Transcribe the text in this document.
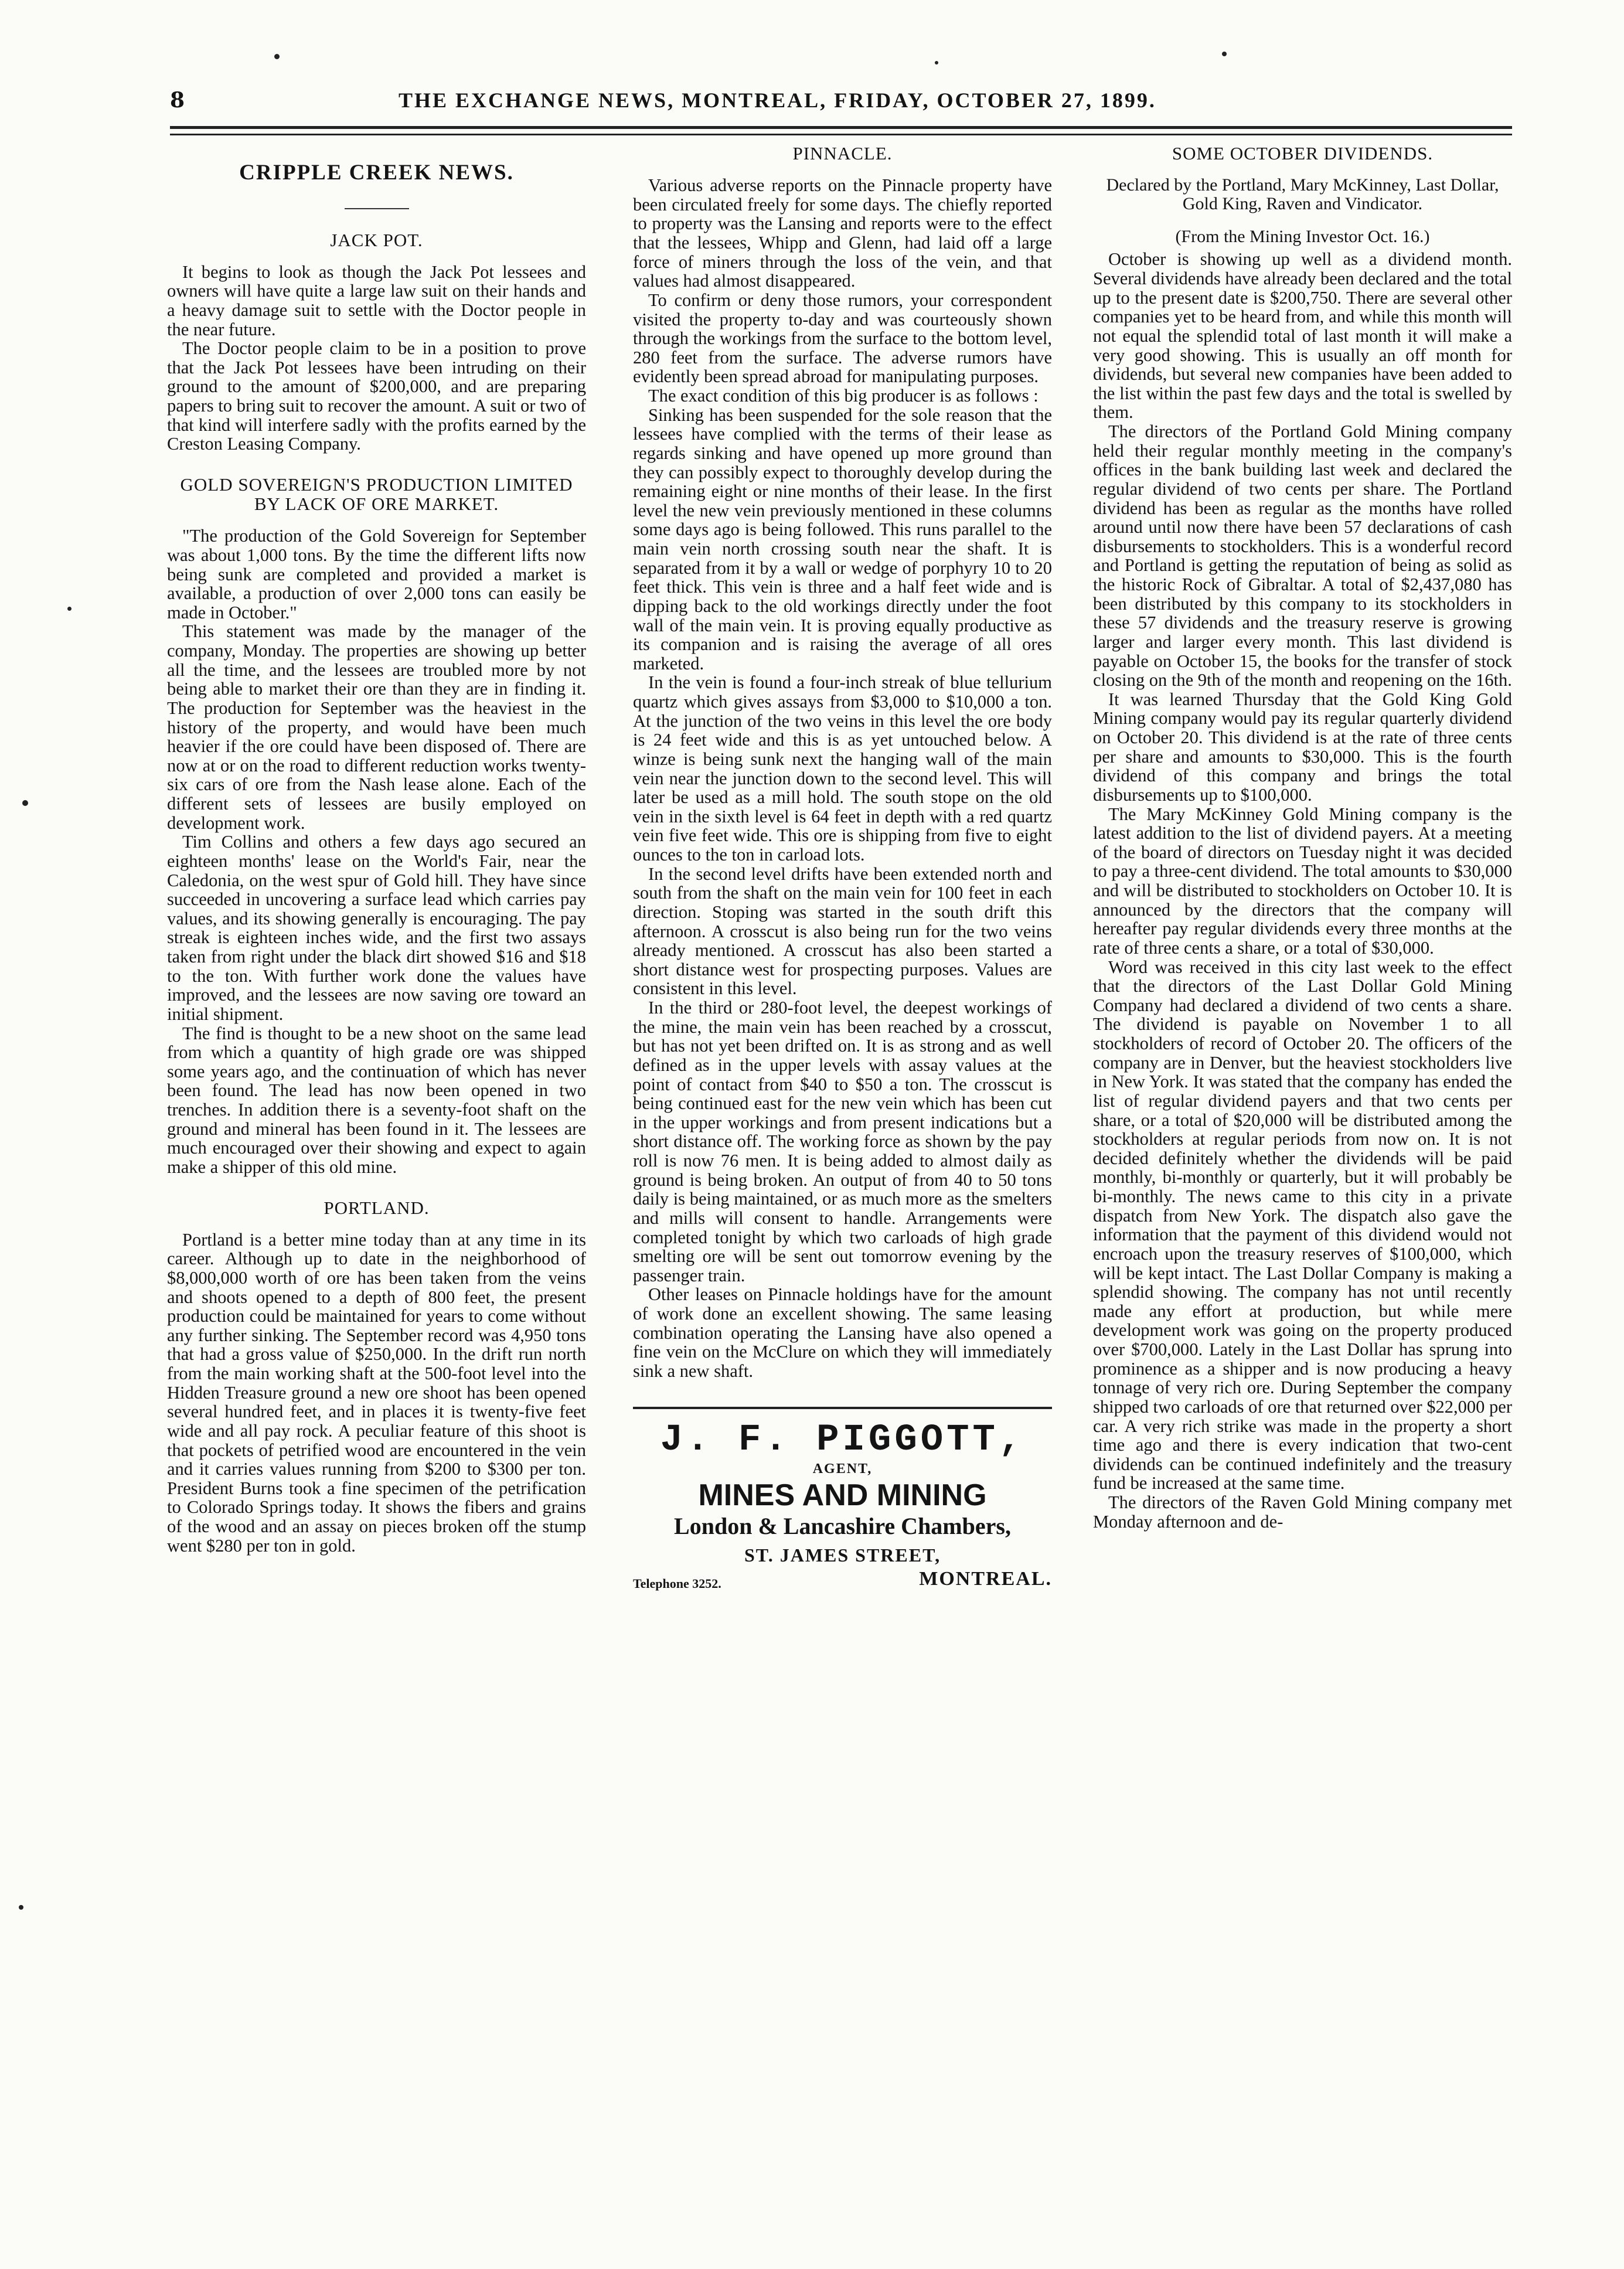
8	THE EXCHANGE NEWS, MONTREAL, FRIDAY, OCTOBER 27, 1899.
CRIPPLE CREEK NEWS.
JACK POT.

It begins to look as though the Jack Pot lessees and owners will have quite a large law suit on their hands and a heavy damage suit to settle with the Doctor people in the near future.

The Doctor people claim to be in a position to prove that the Jack Pot lessees have been intruding on their ground to the amount of $200,000, and are preparing papers to bring suit to recover the amount. A suit or two of that kind will interfere sadly with the profits earned by the Creston Leasing Company.

GOLD SOVEREIGN'S PRODUCTION LIMITED BY LACK OF ORE MARKET.

"The production of the Gold Sovereign for September was about 1,000 tons. By the time the different lifts now being sunk are completed and provided a market is available, a production of over 2,000 tons can easily be made in October."

This statement was made by the manager of the company, Monday. The properties are showing up better all the time, and the lessees are troubled more by not being able to market their ore than they are in finding it. The production for September was the heaviest in the history of the property, and would have been much heavier if the ore could have been disposed of. There are now at or on the road to different reduction works twenty-six cars of ore from the Nash lease alone. Each of the different sets of lessees are busily employed on development work.

Tim Collins and others a few days ago secured an eighteen months' lease on the World's Fair, near the Caledonia, on the west spur of Gold hill. They have since succeeded in uncovering a surface lead which carries pay values, and its showing generally is encouraging. The pay streak is eighteen inches wide, and the first two assays taken from right under the black dirt showed $16 and $18 to the ton. With further work done the values have improved, and the lessees are now saving ore toward an initial shipment.

The find is thought to be a new shoot on the same lead from which a quantity of high grade ore was shipped some years ago, and the continuation of which has never been found. The lead has now been opened in two trenches. In addition there is a seventy-foot shaft on the ground and mineral has been found in it. The lessees are much encouraged over their showing and expect to again make a shipper of this old mine.

PORTLAND.

Portland is a better mine today than at any time in its career. Although up to date in the neighborhood of $8,000,000 worth of ore has been taken from the veins and shoots opened to a depth of 800 feet, the present production could be maintained for years to come without any further sinking. The September record was 4,950 tons that had a gross value of $250,000. In the drift run north from the main working shaft at the 500-foot level into the Hidden Treasure ground a new ore shoot has been opened several hundred feet, and in places it is twenty-five feet wide and all pay rock. A peculiar feature of this shoot is that pockets of petrified wood are encountered in the vein and it carries values running from $200 to $300 per ton. President Burns took a fine specimen of the petrification to Colorado Springs today. It shows the fibers and grains of the wood and an assay on pieces broken off the stump went $280 per ton in gold.

PINNACLE.

Various adverse reports on the Pinnacle property have been circulated freely for some days. The chiefly reported to property was the Lansing and reports were to the effect that the lessees, Whipp and Glenn, had laid off a large force of miners through the loss of the vein, and that values had almost disappeared.

To confirm or deny those rumors, your correspondent visited the property to-day and was courteously shown through the workings from the surface to the bottom level, 280 feet from the surface. The adverse rumors have evidently been spread abroad for manipulating purposes.

The exact condition of this big producer is as follows :

Sinking has been suspended for the sole reason that the lessees have complied with the terms of their lease as regards sinking and have opened up more ground than they can possibly expect to thoroughly develop during the remaining eight or nine months of their lease. In the first level the new vein previously mentioned in these columns some days ago is being followed. This runs parallel to the main vein north crossing south near the shaft. It is separated from it by a wall or wedge of porphyry 10 to 20 feet thick. This vein is three and a half feet wide and is dipping back to the old workings directly under the foot wall of the main vein. It is proving equally productive as its companion and is raising the average of all ores marketed.

In the vein is found a four-inch streak of blue tellurium quartz which gives assays from $3,000 to $10,000 a ton. At the junction of the two veins in this level the ore body is 24 feet wide and this is as yet untouched below. A winze is being sunk next the hanging wall of the main vein near the junction down to the second level. This will later be used as a mill hold. The south stope on the old vein in the sixth level is 64 feet in depth with a red quartz vein five feet wide. This ore is shipping from five to eight ounces to the ton in carload lots.

In the second level drifts have been extended north and south from the shaft on the main vein for 100 feet in each direction. Stoping was started in the south drift this afternoon. A crosscut is also being run for the two veins already mentioned. A crosscut has also been started a short distance west for prospecting purposes. Values are consistent in this level.

In the third or 280-foot level, the deepest workings of the mine, the main vein has been reached by a crosscut, but has not yet been drifted on. It is as strong and as well defined as in the upper levels with assay values at the point of contact from $40 to $50 a ton. The crosscut is being continued east for the new vein which has been cut in the upper workings and from present indications but a short distance off. The working force as shown by the pay roll is now 76 men. It is being added to almost daily as ground is being broken. An output of from 40 to 50 tons daily is being maintained, or as much more as the smelters and mills will consent to handle. Arrangements were completed tonight by which two carloads of high grade smelting ore will be sent out tomorrow evening by the passenger train.

Other leases on Pinnacle holdings have for the amount of work done an excellent showing. The same leasing combination operating the Lansing have also opened a fine vein on the McClure on which they will immediately sink a new shaft.

J. F. PIGGOTT,
AGENT,
MINES AND MINING
London & Lancashire Chambers,
ST. JAMES STREET,
Telephone 3252.	MONTREAL.
SOME OCTOBER DIVIDENDS.
Declared by the Portland, Mary McKinney, Last Dollar, Gold King, Raven and Vindicator.
(From the Mining Investor Oct. 16.)

October is showing up well as a dividend month. Several dividends have already been declared and the total up to the present date is $200,750. There are several other companies yet to be heard from, and while this month will not equal the splendid total of last month it will make a very good showing. This is usually an off month for dividends, but several new companies have been added to the list within the past few days and the total is swelled by them.

The directors of the Portland Gold Mining company held their regular monthly meeting in the company's offices in the bank building last week and declared the regular dividend of two cents per share. The Portland dividend has been as regular as the months have rolled around until now there have been 57 declarations of cash disbursements to stockholders. This is a wonderful record and Portland is getting the reputation of being as solid as the historic Rock of Gibraltar. A total of $2,437,080 has been distributed by this company to its stockholders in these 57 dividends and the treasury reserve is growing larger and larger every month. This last dividend is payable on October 15, the books for the transfer of stock closing on the 9th of the month and reopening on the 16th.

It was learned Thursday that the Gold King Gold Mining company would pay its regular quarterly dividend on October 20. This dividend is at the rate of three cents per share and amounts to $30,000. This is the fourth dividend of this company and brings the total disbursements up to $100,000.

The Mary McKinney Gold Mining company is the latest addition to the list of dividend payers. At a meeting of the board of directors on Tuesday night it was decided to pay a three-cent dividend. The total amounts to $30,000 and will be distributed to stockholders on October 10. It is announced by the directors that the company will hereafter pay regular dividends every three months at the rate of three cents a share, or a total of $30,000.

Word was received in this city last week to the effect that the directors of the Last Dollar Gold Mining Company had declared a dividend of two cents a share. The dividend is payable on November 1 to all stockholders of record of October 20. The officers of the company are in Denver, but the heaviest stockholders live in New York. It was stated that the company has ended the list of regular dividend payers and that two cents per share, or a total of $20,000 will be distributed among the stockholders at regular periods from now on. It is not decided definitely whether the dividends will be paid monthly, bi-monthly or quarterly, but it will probably be bi-monthly. The news came to this city in a private dispatch from New York. The dispatch also gave the information that the payment of this dividend would not encroach upon the treasury reserves of $100,000, which will be kept intact. The Last Dollar Company is making a splendid showing. The company has not until recently made any effort at production, but while mere development work was going on the property produced over $700,000. Lately in the Last Dollar has sprung into prominence as a shipper and is now producing a heavy tonnage of very rich ore. During September the company shipped two carloads of ore that returned over $22,000 per car. A very rich strike was made in the property a short time ago and there is every indication that two-cent dividends can be continued indefinitely and the treasury fund be increased at the same time.

The directors of the Raven Gold Mining company met Monday afternoon and de-
